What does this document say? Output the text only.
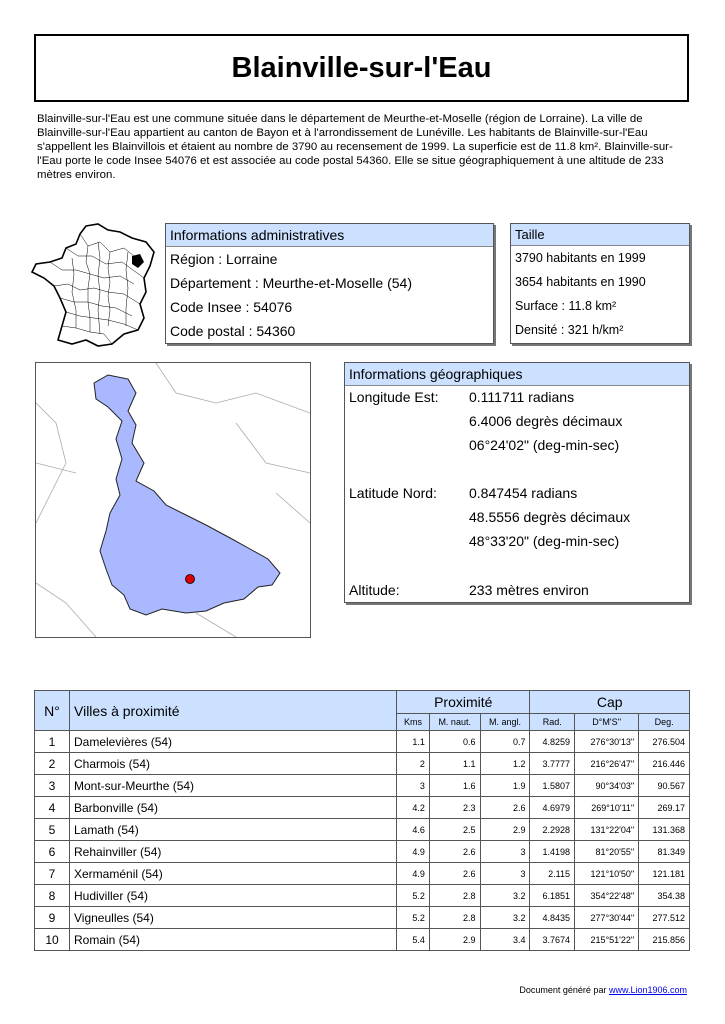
Blainville-sur-l'Eau
Blainville-sur-l'Eau est une commune située dans le département de Meurthe-et-Moselle (région de Lorraine). La ville de Blainville-sur-l'Eau appartient au canton de Bayon et à l'arrondissement de Lunéville. Les habitants de Blainville-sur-l'Eau s'appellent les Blainvillois et étaient au nombre de 3790 au recensement de 1999. La superficie est de 11.8 km². Blainville-sur-l'Eau porte le code Insee 54076 et est associée au code postal 54360. Elle se situe géographiquement à une altitude de 233 mètres environ.
Informations administratives
Région : Lorraine
Département : Meurthe-et-Moselle (54)
Code Insee : 54076
Code postal : 54360
Taille
3790 habitants en 1999
3654 habitants en 1990
Surface : 11.8 km²
Densité : 321 h/km²
Informations géographiques
Longitude Est: 0.111711 radians
6.4006 degrès décimaux
06°24'02" (deg-min-sec)
Latitude Nord: 0.847454 radians
48.5556 degrès décimaux
48°33'20" (deg-min-sec)
Altitude:	233 mètres environ
N°	Villes à proximité	Proximité			Cap		
		Kms	M. naut.	M. angl.	Rad.	D°M'S''	Deg.
1	Damelevières (54)	1.1	0.6	0.7	4.8259	276°30'13''	276.504
2	Charmois (54)	2	1.1	1.2	3.7777	216°26'47''	216.446
3	Mont-sur-Meurthe (54)	3	1.6	1.9	1.5807	90°34'03''	90.567
4	Barbonville (54)	4.2	2.3	2.6	4.6979	269°10'11''	269.17
5	Lamath (54)	4.6	2.5	2.9	2.2928	131°22'04''	131.368
6	Rehainviller (54)	4.9	2.6	3	1.4198	81°20'55''	81.349
7	Xermaménil (54)	4.9	2.6	3	2.115	121°10'50''	121.181
8	Hudiviller (54)	5.2	2.8	3.2	6.1851	354°22'48''	354.38
9	Vigneulles (54)	5.2	2.8	3.2	4.8435	277°30'44''	277.512
10	Romain (54)	5.4	2.9	3.4	3.7674	215°51'22''	215.856
Document généré par www.Lion1906.com
